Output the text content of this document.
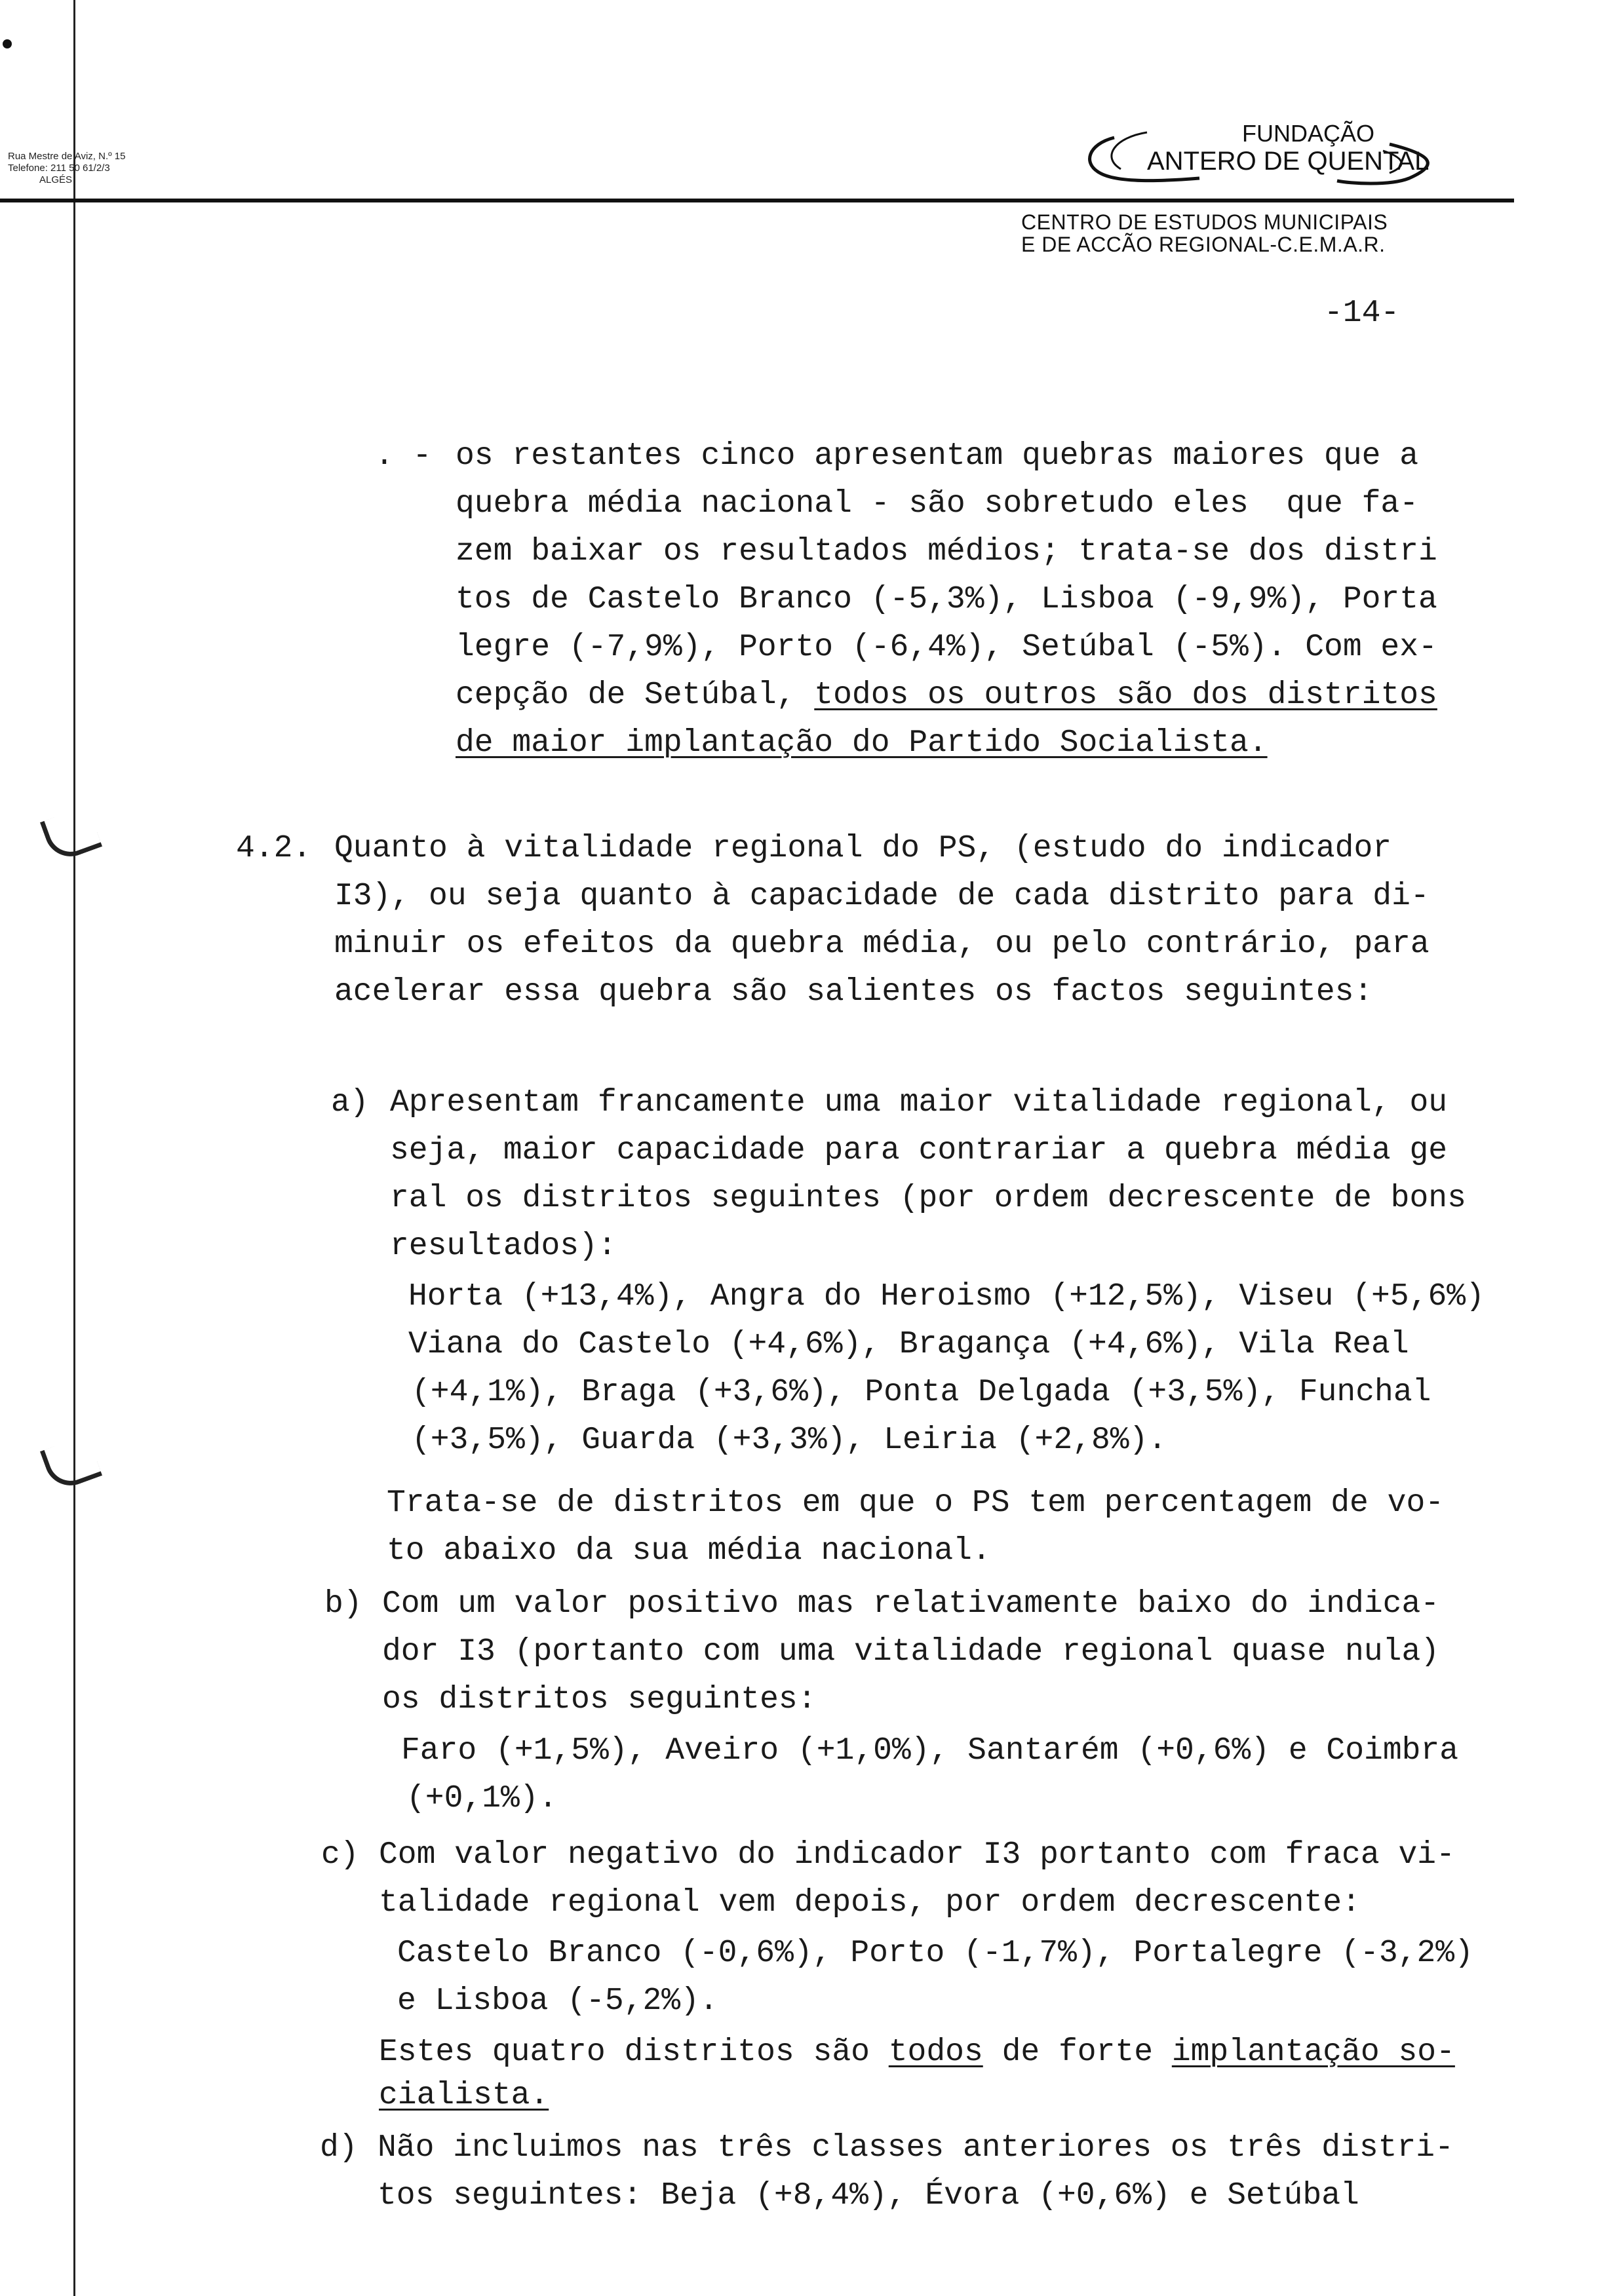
Rua Mestre de Aviz, N.º 15
Telefone: 211 50 61/2/3
ALGÉS
FUNDAÇÃO
ANTERO DE QUENTAL
CENTRO DE ESTUDOS MUNICIPAIS
E DE ACCÃO REGIONAL-C.E.M.A.R.
-14-
. - os restantes cinco apresentam quebras maiores que a
quebra média nacional - são sobretudo eles  que fa-
zem baixar os resultados médios; trata-se dos distri
tos de Castelo Branco (-5,3%), Lisboa (-9,9%), Porta
legre (-7,9%), Porto (-6,4%), Setúbal (-5%). Com ex-
cepção de Setúbal, todos os outros são dos distritos
de maior implantação do Partido Socialista.
4.2. Quanto à vitalidade regional do PS, (estudo do indicador
I3), ou seja quanto à capacidade de cada distrito para di-
minuir os efeitos da quebra média, ou pelo contrário, para
acelerar essa quebra são salientes os factos seguintes:
a) Apresentam francamente uma maior vitalidade regional, ou
seja, maior capacidade para contrariar a quebra média ge
ral os distritos seguintes (por ordem decrescente de bons
resultados):
Horta (+13,4%), Angra do Heroismo (+12,5%), Viseu (+5,6%)
Viana do Castelo (+4,6%), Bragança (+4,6%), Vila Real
(+4,1%), Braga (+3,6%), Ponta Delgada (+3,5%), Funchal
(+3,5%), Guarda (+3,3%), Leiria (+2,8%).
Trata-se de distritos em que o PS tem percentagem de vo-
to abaixo da sua média nacional.
b) Com um valor positivo mas relativamente baixo do indica-
dor I3 (portanto com uma vitalidade regional quase nula)
os distritos seguintes:
Faro (+1,5%), Aveiro (+1,0%), Santarém (+0,6%) e Coimbra
(+0,1%).
c) Com valor negativo do indicador I3 portanto com fraca vi-
talidade regional vem depois, por ordem decrescente:
Castelo Branco (-0,6%), Porto (-1,7%), Portalegre (-3,2%)
e Lisboa (-5,2%).
Estes quatro distritos são todos de forte implantação so-
cialista.
d) Não incluimos nas três classes anteriores os três distri-
tos seguintes: Beja (+8,4%), Évora (+0,6%) e Setúbal
